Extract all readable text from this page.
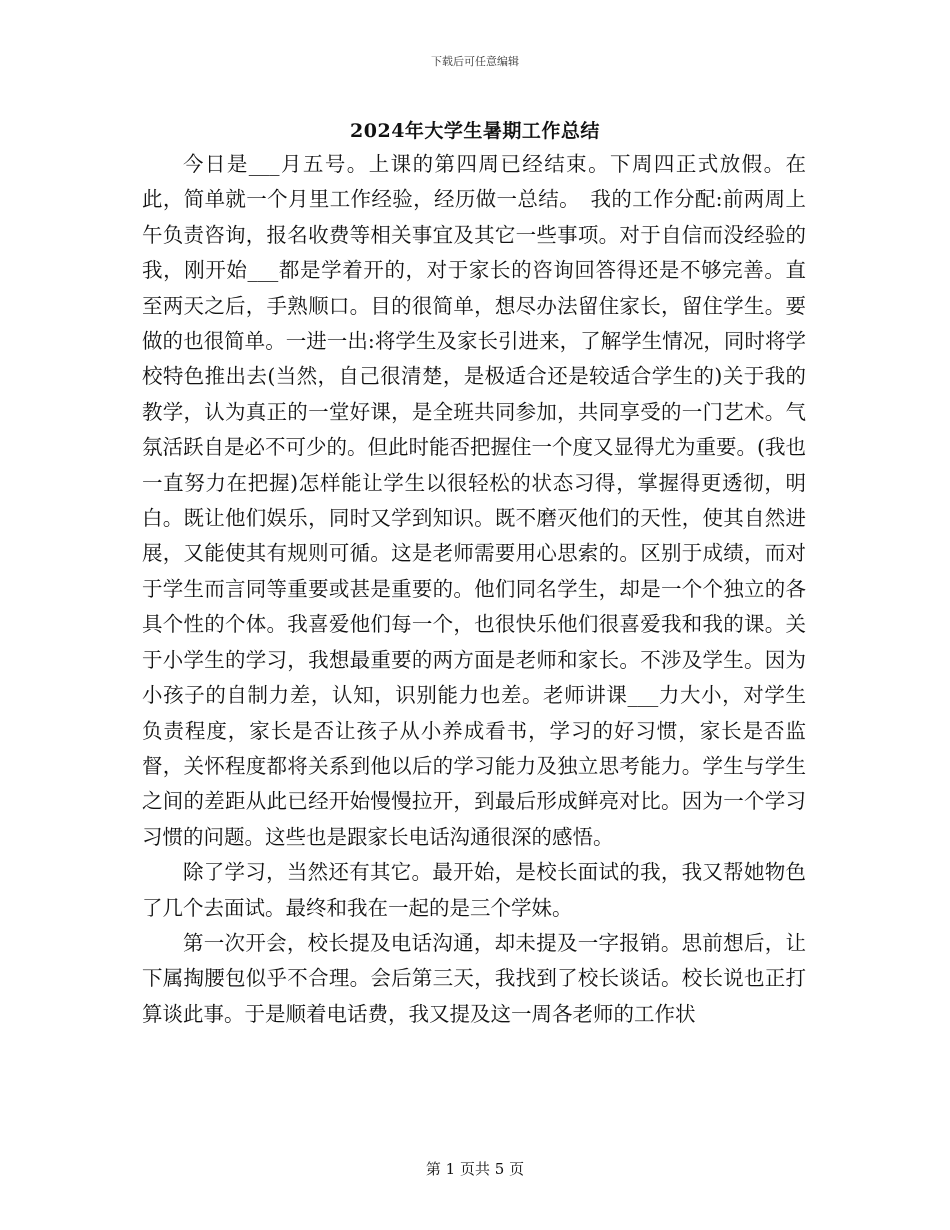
下载后可任意编辑
2024年大学生暑期工作总结

今日是___月五号。上课的第四周已经结束。下周四正式放假。在此，简单就一个月里工作经验，经历做一总结。　我的工作分配:前两周上午负责咨询，报名收费等相关事宜及其它一些事项。对于自信而没经验的我，刚开始___都是学着开的，对于家长的咨询回答得还是不够完善。直至两天之后，手熟顺口。目的很简单，想尽办法留住家长，留住学生。要做的也很简单。一进一出:将学生及家长引进来，了解学生情况，同时将学校特色推出去(当然，自己很清楚，是极适合还是较适合学生的)关于我的教学，认为真正的一堂好课，是全班共同参加，共同享受的一门艺术。气氛活跃自是必不可少的。但此时能否把握住一个度又显得尤为重要。(我也一直努力在把握)怎样能让学生以很轻松的状态习得，掌握得更透彻，明白。既让他们娱乐，同时又学到知识。既不磨灭他们的天性，使其自然进展，又能使其有规则可循。这是老师需要用心思索的。区别于成绩，而对于学生而言同等重要或甚是重要的。他们同名学生，却是一个个独立的各具个性的个体。我喜爱他们每一个，也很快乐他们很喜爱我和我的课。关于小学生的学习，我想最重要的两方面是老师和家长。不涉及学生。因为小孩子的自制力差，认知，识别能力也差。老师讲课___力大小，对学生负责程度，家长是否让孩子从小养成看书，学习的好习惯，家长是否监督，关怀程度都将关系到他以后的学习能力及独立思考能力。学生与学生之间的差距从此已经开始慢慢拉开，到最后形成鲜亮对比。因为一个学习习惯的问题。这些也是跟家长电话沟通很深的感悟。

除了学习，当然还有其它。最开始，是校长面试的我，我又帮她物色了几个去面试。最终和我在一起的是三个学妹。

第一次开会，校长提及电话沟通，却未提及一字报销。思前想后，让下属掏腰包似乎不合理。会后第三天，我找到了校长谈话。校长说也正打算谈此事。于是顺着电话费，我又提及这一周各老师的工作状

第 1 页共 5 页
